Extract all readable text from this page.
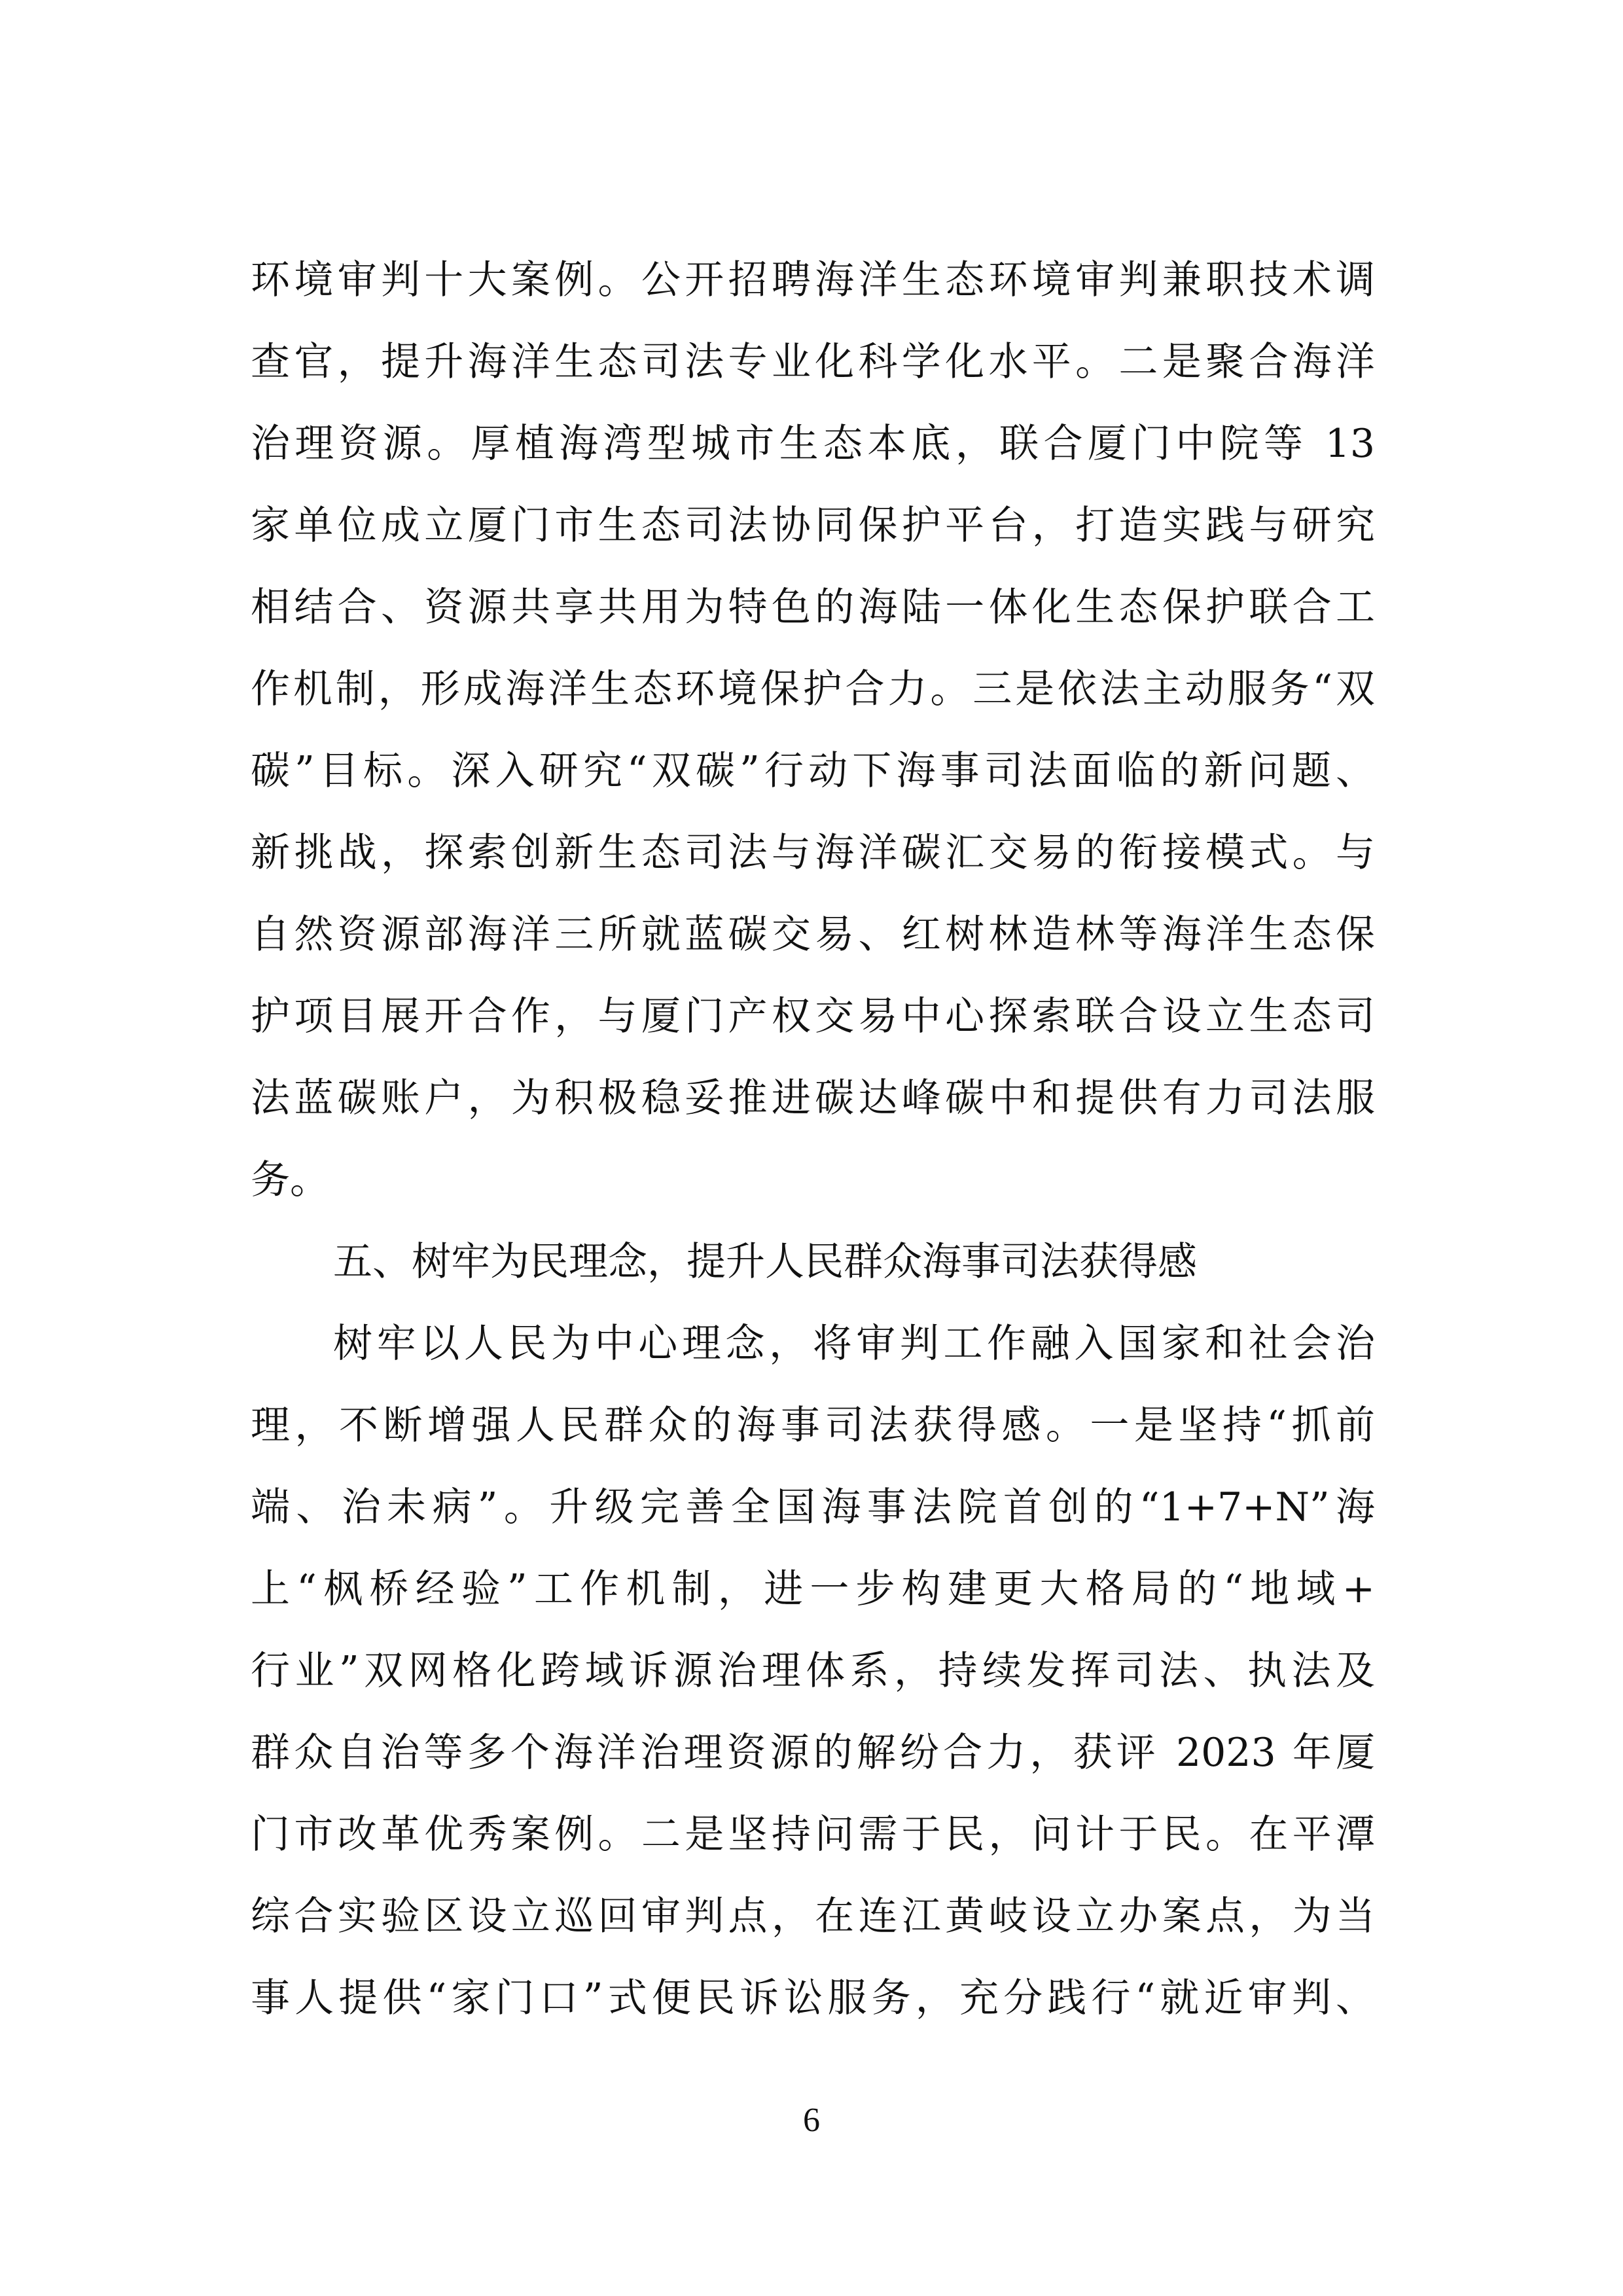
环境审判十大案例。公开招聘海洋生态环境审判兼职技术调

查官，提升海洋生态司法专业化科学化水平。二是聚合海洋

治理资源。厚植海湾型城市生态本底，联合厦门中院等 13

家单位成立厦门市生态司法协同保护平台，打造实践与研究

相结合、资源共享共用为特色的海陆一体化生态保护联合工

作机制，形成海洋生态环境保护合力。三是依法主动服务“双

碳”目标。深入研究“双碳”行动下海事司法面临的新问题、

新挑战，探索创新生态司法与海洋碳汇交易的衔接模式。与

自然资源部海洋三所就蓝碳交易、红树林造林等海洋生态保

护项目展开合作，与厦门产权交易中心探索联合设立生态司

法蓝碳账户，为积极稳妥推进碳达峰碳中和提供有力司法服

务。

五、树牢为民理念，提升人民群众海事司法获得感

树牢以人民为中心理念，将审判工作融入国家和社会治

理，不断增强人民群众的海事司法获得感。一是坚持“抓前

端、治未病”。升级完善全国海事法院首创的“1+7+N”海

上“枫桥经验”工作机制，进一步构建更大格局的“地域+

行业”双网格化跨域诉源治理体系，持续发挥司法、执法及

群众自治等多个海洋治理资源的解纷合力，获评 2023 年厦

门市改革优秀案例。二是坚持问需于民，问计于民。在平潭

综合实验区设立巡回审判点，在连江黄岐设立办案点，为当

事人提供“家门口”式便民诉讼服务，充分践行“就近审判、

6
